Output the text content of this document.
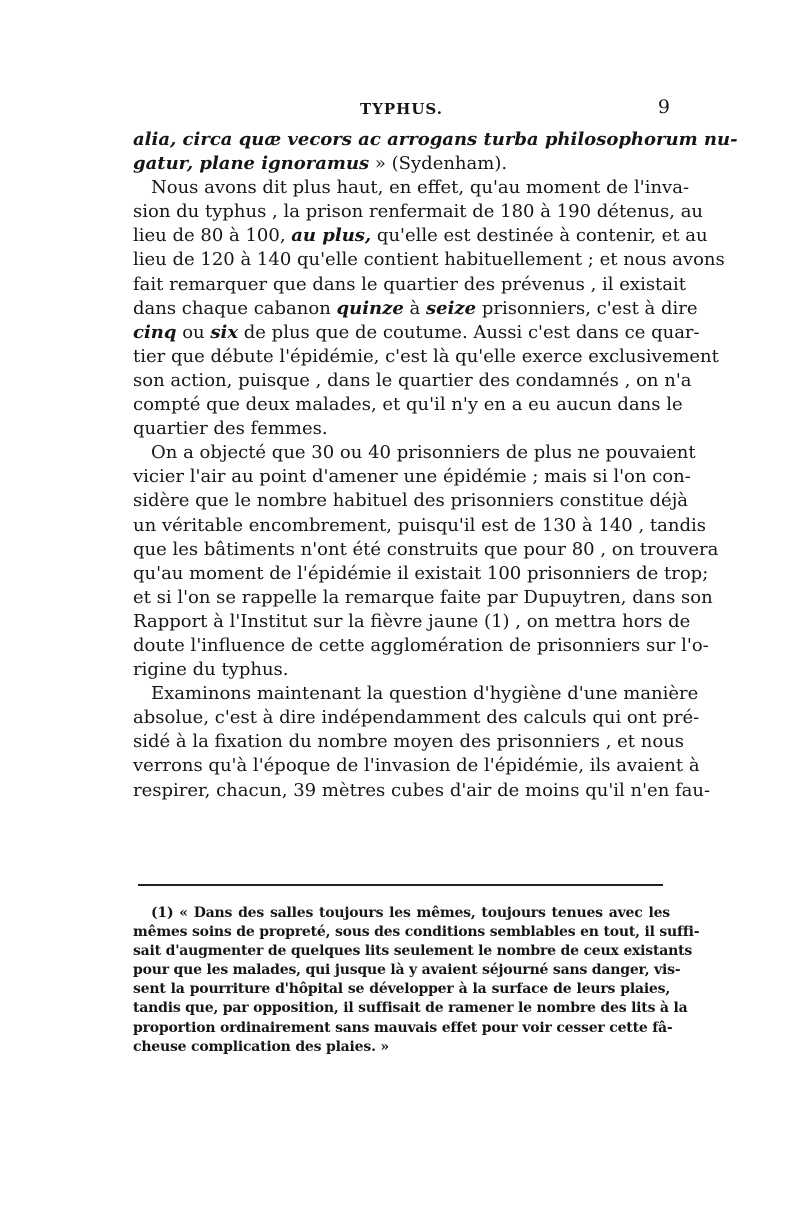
TYPHUS.	9
alia, circa quæ vecors ac arrogans turba philosophorum nu-
gatur, plane ignoramus » (Sydenham).
Nous avons dit plus haut, en effet, qu'au moment de l'inva-
sion du typhus , la prison renfermait de 180 à 190 détenus, au
lieu de 80 à 100, au plus, qu'elle est destinée à contenir, et au
lieu de 120 à 140 qu'elle contient habituellement ; et nous avons
fait remarquer que dans le quartier des prévenus , il existait
dans chaque cabanon quinze à seize prisonniers, c'est à dire
cinq ou six de plus que de coutume. Aussi c'est dans ce quar-
tier que débute l'épidémie, c'est là qu'elle exerce exclusivement
son action, puisque , dans le quartier des condamnés , on n'a
compté que deux malades, et qu'il n'y en a eu aucun dans le
quartier des femmes.
On a objecté que 30 ou 40 prisonniers de plus ne pouvaient
vicier l'air au point d'amener une épidémie ; mais si l'on con-
sidère que le nombre habituel des prisonniers constitue déjà
un véritable encombrement, puisqu'il est de 130 à 140 , tandis
que les bâtiments n'ont été construits que pour 80 , on trouvera
qu'au moment de l'épidémie il existait 100 prisonniers de trop;
et si l'on se rappelle la remarque faite par Dupuytren, dans son
Rapport à l'Institut sur la fièvre jaune (1) , on mettra hors de
doute l'influence de cette agglomération de prisonniers sur l'o-
rigine du typhus.
Examinons maintenant la question d'hygiène d'une manière
absolue, c'est à dire indépendamment des calculs qui ont pré-
sidé à la fixation du nombre moyen des prisonniers , et nous
verrons qu'à l'époque de l'invasion de l'épidémie, ils avaient à
respirer, chacun, 39 mètres cubes d'air de moins qu'il n'en fau-
(1) « Dans des salles toujours les mêmes, toujours tenues avec les
mêmes soins de propreté, sous des conditions semblables en tout, il suffi-
sait d'augmenter de quelques lits seulement le nombre de ceux existants
pour que les malades, qui jusque là y avaient séjourné sans danger, vis-
sent la pourriture d'hôpital se développer à la surface de leurs plaies,
tandis que, par opposition, il suffisait de ramener le nombre des lits à la
proportion ordinairement sans mauvais effet pour voir cesser cette fâ-
cheuse complication des plaies. »
